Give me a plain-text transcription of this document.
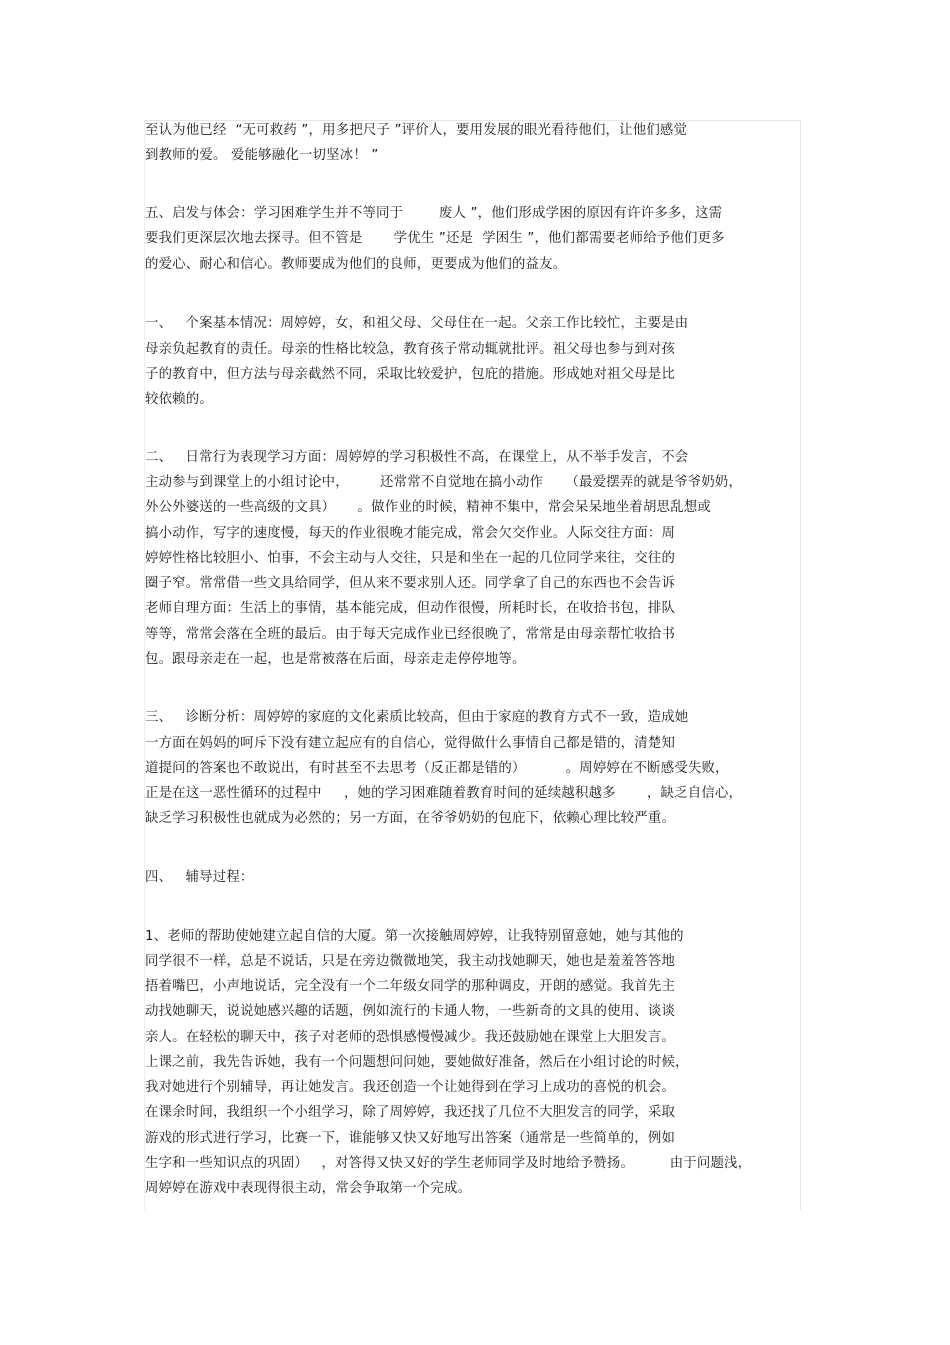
至认为他已经  “无可救药 ”，用多把尺子 ”评价人，要用发展的眼光看待他们，让他们感觉
到教师的爱。 爱能够融化一切坚冰！ ”
五、启发与体会：学习困难学生并不等同于        废人 ”，他们形成学困的原因有许许多多，这需
要我们更深层次地去探寻。但不管是       学优生 ”还是  学困生 ”，他们都需要老师给予他们更多
的爱心、耐心和信心。教师要成为他们的良师，更要成为他们的益友。
一、   个案基本情况：周婷婷，女，和祖父母、父母住在一起。父亲工作比较忙，主要是由
母亲负起教育的责任。母亲的性格比较急，教育孩子常动辄就批评。祖父母也参与到对孩
子的教育中，但方法与母亲截然不同，采取比较爱护，包庇的措施。形成她对祖父母是比
较依赖的。
二、   日常行为表现学习方面：周婷婷的学习积极性不高，在课堂上，从不举手发言，不会
主动参与到课堂上的小组讨论中，       还常常不自觉地在搞小动作     （最爱摆弄的就是爷爷奶奶，
外公外婆送的一些高级的文具）     。做作业的时候，精神不集中，常会呆呆地坐着胡思乱想或
搞小动作，写字的速度慢，每天的作业很晚才能完成，常会欠交作业。人际交往方面：周
婷婷性格比较胆小、怕事，不会主动与人交往，只是和坐在一起的几位同学来往，交往的
圈子窄。常常借一些文具给同学，但从来不要求别人还。同学拿了自己的东西也不会告诉
老师自理方面：生活上的事情，基本能完成，但动作很慢，所耗时长，在收拾书包，排队
等等，常常会落在全班的最后。由于每天完成作业已经很晚了，常常是由母亲帮忙收拾书
包。跟母亲走在一起，也是常被落在后面，母亲走走停停地等。
三、   诊断分析：周婷婷的家庭的文化素质比较高，但由于家庭的教育方式不一致，造成她
一方面在妈妈的呵斥下没有建立起应有的自信心，觉得做什么事情自己都是错的，清楚知
道提问的答案也不敢说出，有时甚至不去思考（反正都是错的）         。周婷婷在不断感受失败，
正是在这一恶性循环的过程中     ，她的学习困难随着教育时间的延续越积越多       ，缺乏自信心，
缺乏学习积极性也就成为必然的；另一方面，在爷爷奶奶的包庇下，依赖心理比较严重。
四、   辅导过程：
1、老师的帮助使她建立起自信的大厦。第一次接触周婷婷，让我特别留意她，她与其他的
同学很不一样，总是不说话，只是在旁边微微地笑，我主动找她聊天，她也是羞羞答答地
捂着嘴巴，小声地说话，完全没有一个二年级女同学的那种调皮，开朗的感觉。我首先主
动找她聊天，说说她感兴趣的话题，例如流行的卡通人物，一些新奇的文具的使用、谈谈
亲人。在轻松的聊天中，孩子对老师的恐惧感慢慢减少。我还鼓励她在课堂上大胆发言。
上课之前，我先告诉她，我有一个问题想问问她，要她做好准备，然后在小组讨论的时候，
我对她进行个别辅导，再让她发言。我还创造一个让她得到在学习上成功的喜悦的机会。
在课余时间，我组织一个小组学习，除了周婷婷，我还找了几位不大胆发言的同学，采取
游戏的形式进行学习，比赛一下，谁能够又快又好地写出答案（通常是一些简单的，例如
生字和一些知识点的巩固）   ，对答得又快又好的学生老师同学及时地给予赞扬。        由于问题浅，
周婷婷在游戏中表现得很主动，常会争取第一个完成。
